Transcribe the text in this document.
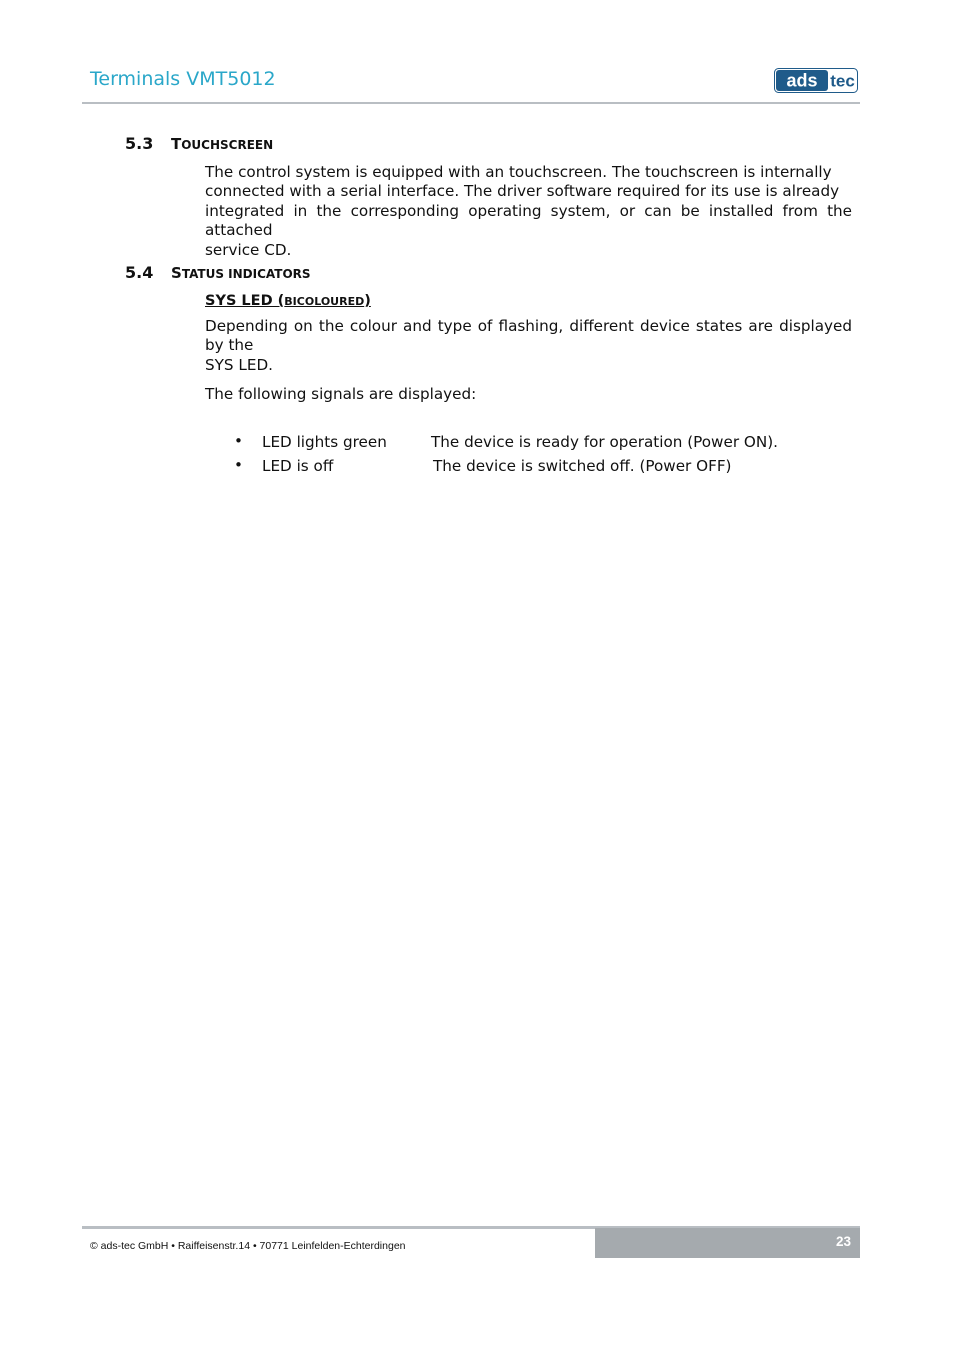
Terminals VMT5012	ads tec
5.3 TOUCHSCREEN
The control system is equipped with an touchscreen. The touchscreen is internally
connected with a serial interface. The driver software required for its use is already
integrated in the corresponding operating system, or can be installed from the attached
service CD.
5.4 STATUS INDICATORS
SYS LED (BICOLOURED)
Depending on the colour and type of flashing, different device states are displayed by the
SYS LED.
The following signals are displayed:
• LED lights green	The device is ready for operation (Power ON).
• LED is off	The device is switched off. (Power OFF)
23
© ads-tec GmbH • Raiffeisenstr.14 • 70771 Leinfelden-Echterdingen
